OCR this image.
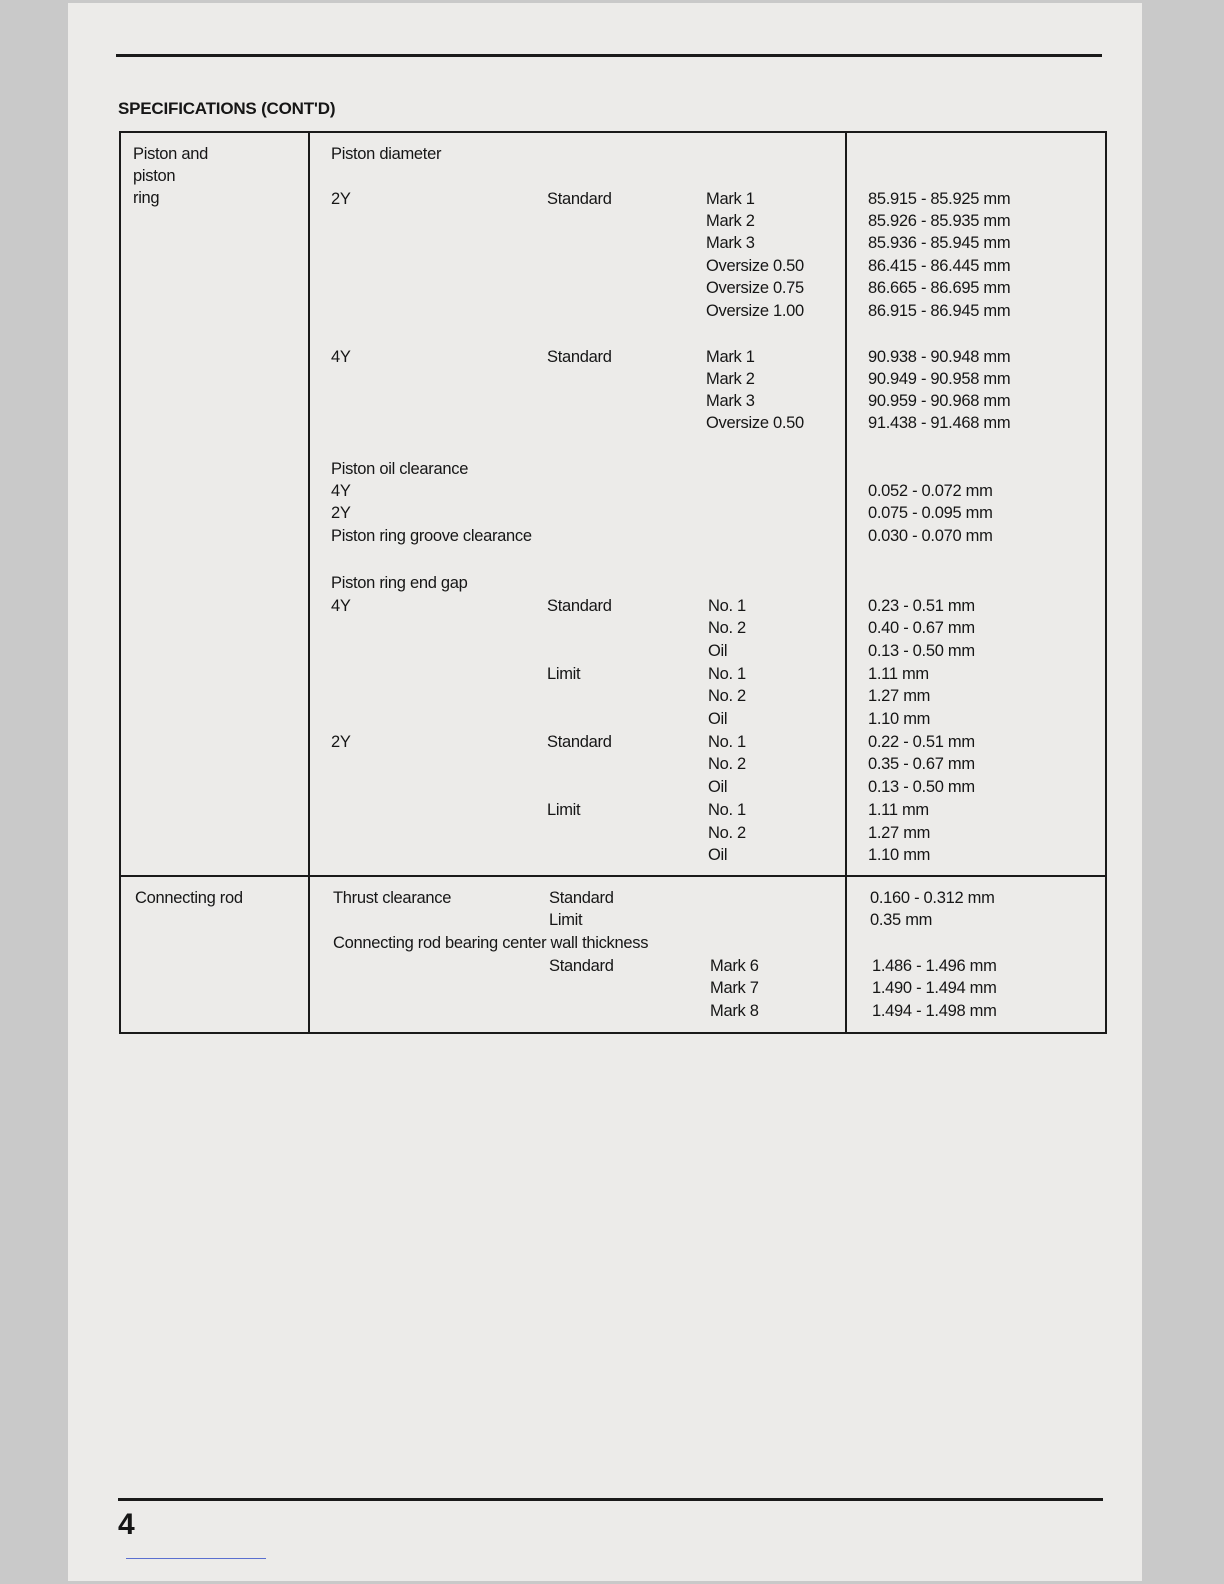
SPECIFICATIONS (CONT'D)
Piston and
piston
ring
Piston diameter
2Y	Standard	Mark 1	85.915 - 85.925 mm
Mark 2	85.926 - 85.935 mm
Mark 3	85.936 - 85.945 mm
Oversize 0.50	86.415 - 86.445 mm
Oversize 0.75	86.665 - 86.695 mm
Oversize 1.00	86.915 - 86.945 mm
4Y	Standard	Mark 1	90.938 - 90.948 mm
Mark 2	90.949 - 90.958 mm
Mark 3	90.959 - 90.968 mm
Oversize 0.50	91.438 - 91.468 mm
Piston oil clearance
4Y	0.052 - 0.072 mm
2Y	0.075 - 0.095 mm
Piston ring groove clearance	0.030 - 0.070 mm
Piston ring end gap
4Y	Standard	No. 1	0.23 - 0.51 mm
No. 2	0.40 - 0.67 mm
Oil	0.13 - 0.50 mm
Limit	No. 1	1.11 mm
No. 2	1.27 mm
Oil	1.10 mm
2Y	Standard	No. 1	0.22 - 0.51 mm
No. 2	0.35 - 0.67 mm
Oil	0.13 - 0.50 mm
Limit	No. 1	1.11 mm
No. 2	1.27 mm
Oil	1.10 mm
Connecting rod	Thrust clearance	Standard	0.160 - 0.312 mm
Limit	0.35 mm
Connecting rod bearing center wall thickness
Standard	Mark 6	1.486 - 1.496 mm
Mark 7	1.490 - 1.494 mm
Mark 8	1.494 - 1.498 mm
4
